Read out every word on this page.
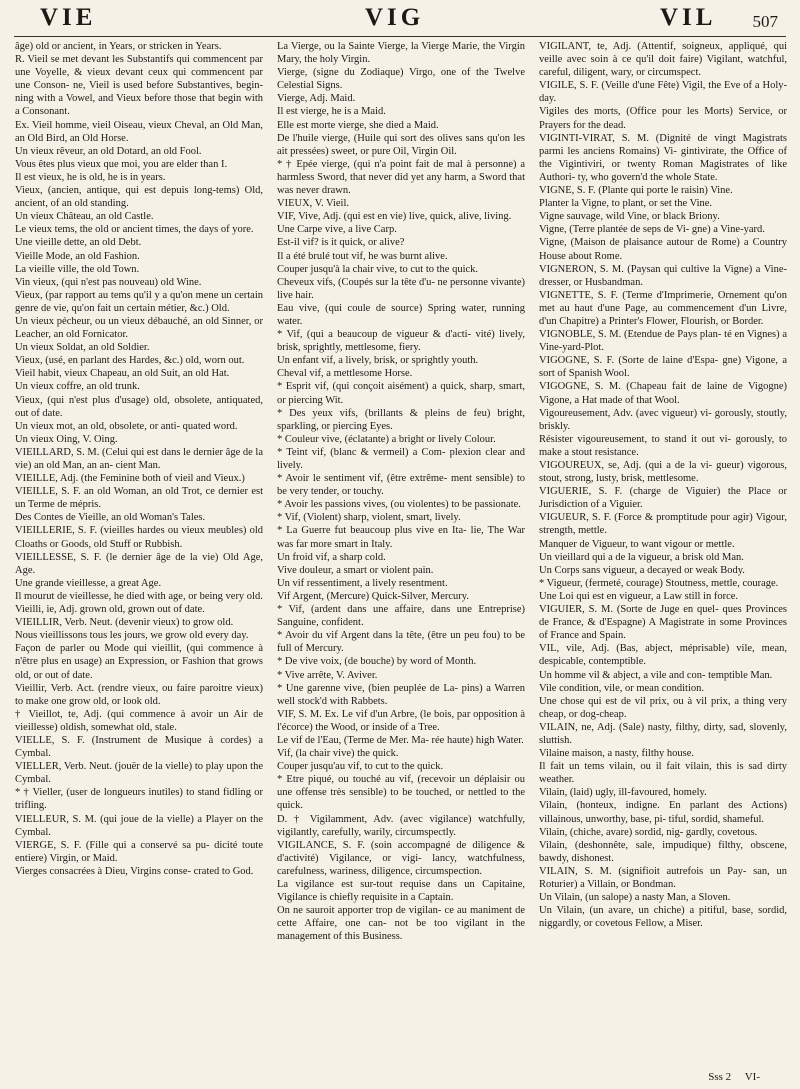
VIE	VIG	VIL 507

âge) old or ancient, in Years, or stricken in Years.

R. Vieil se met devant les Substantifs qui commencent par une Voyelle, & vieux devant ceux qui commencent par une Conson- ne, Vieil is used before Substantives, begin- ning with a Vowel, and Vieux before those that begin with a Consonant.

Ex. Vieil homme, vieil Oiseau, vieux Cheval, an Old Man, an Old Bird, an Old Horse.

Un vieux rêveur, an old Dotard, an old Fool.

Vous êtes plus vieux que moi, you are elder than I.

Il est vieux, he is old, he is in years.

Vieux, (ancien, antique, qui est depuis long-tems) Old, ancient, of an old standing.

Un vieux Château, an old Castle.

Le vieux tems, the old or ancient times, the days of yore.

Une vieille dette, an old Debt.

Vieille Mode, an old Fashion.

La vieille ville, the old Town.

Vin vieux, (qui n'est pas nouveau) old Wine.

Vieux, (par rapport au tems qu'il y a qu'on mene un certain genre de vie, qu'on fait un certain métier, &c.) Old.

Un vieux pécheur, ou un vieux débauché, an old Sinner, or Leacher, an old Fornicator.

Un vieux Soldat, an old Soldier.

Vieux, (usé, en parlant des Hardes, &c.) old, worn out.

Vieil habit, vieux Chapeau, an old Suit, an old Hat.

Un vieux coffre, an old trunk.

Vieux, (qui n'est plus d'usage) old, obsolete, antiquated, out of date.

Un vieux mot, an old, obsolete, or anti- quated word.

Un vieux Oing, V. Oing.

VIEILLARD, S. M. (Celui qui est dans le dernier âge de la vie) an old Man, an an- cient Man.

VIEILLE, Adj. (the Feminine both of vieil and Vieux.)

VIEILLE, S. F. an old Woman, an old Trot, ce dernier est un Terme de mépris.

Des Contes de Vieille, an old Woman's Tales.

VIEILLERIE, S. F. (vieilles hardes ou vieux meubles) old Cloaths or Goods, old Stuff or Rubbish.

VIEILLESSE, S. F. (le dernier âge de la vie) Old Age, Age.

Une grande vieillesse, a great Age.

Il mourut de vieillesse, he died with age, or being very old.

Vieilli, ie, Adj. grown old, grown out of date.

VIEILLIR, Verb. Neut. (devenir vieux) to grow old.

Nous vieillissons tous les jours, we grow old every day.

Façon de parler ou Mode qui vieillit, (qui commence à n'être plus en usage) an Expression, or Fashion that grows old, or out of date.

Vieillir, Verb. Act. (rendre vieux, ou faire paroitre vieux) to make one grow old, or look old.

† Vieillot, te, Adj. (qui commence à avoir un Air de vieillesse) oldish, somewhat old, stale.

VIELLE, S. F. (Instrument de Musique à cordes) a Cymbal.

VIELLER, Verb. Neut. (jouër de la vielle) to play upon the Cymbal.

* † Vieller, (user de longueurs inutiles) to stand fidling or trifling.

VIELLEUR, S. M. (qui joue de la vielle) a Player on the Cymbal.

VIERGE, S. F. (Fille qui a conservé sa pu- dicité toute entiere) Virgin, or Maid.

Vierges consacrées à Dieu, Virgins conse- crated to God.

La Vierge, ou la Sainte Vierge, la Vierge Marie, the Virgin Mary, the holy Virgin.

Vierge, (signe du Zodiaque) Virgo, one of the Twelve Celestial Signs.

Vierge, Adj. Maid.

Il est vierge, he is a Maid.

Elle est morte vierge, she died a Maid.

De l'huile vierge, (Huile qui sort des olives sans qu'on les ait pressées) sweet, or pure Oil, Virgin Oil.

* † Epée vierge, (qui n'a point fait de mal à personne) a harmless Sword, that never did yet any harm, a Sword that was never drawn.

VIEUX, V. Vieil.

VIF, Vive, Adj. (qui est en vie) live, quick, alive, living.

Une Carpe vive, a live Carp.

Est-il vif? is it quick, or alive?

Il a été brulé tout vif, he was burnt alive.

Couper jusqu'à la chair vive, to cut to the quick.

Cheveux vifs, (Coupés sur la tête d'u- ne personne vivante) live hair.

Eau vive, (qui coule de source) Spring water, running water.

* Vif, (qui a beaucoup de vigueur & d'acti- vité) lively, brisk, sprightly, mettlesome, fiery.

Un enfant vif, a lively, brisk, or sprightly youth.

Cheval vif, a mettlesome Horse.

* Esprit vif, (qui conçoit aisément) a quick, sharp, smart, or piercing Wit.

* Des yeux vifs, (brillants & pleins de feu) bright, sparkling, or piercing Eyes.

* Couleur vive, (éclatante) a bright or lively Colour.

* Teint vif, (blanc & vermeil) a Com- plexion clear and lively.

* Avoir le sentiment vif, (être extrême- ment sensible) to be very tender, or touchy.

* Avoir les passions vives, (ou violentes) to be passionate.

* Vif, (Violent) sharp, violent, smart, lively.

* La Guerre fut beaucoup plus vive en Ita- lie, The War was far more smart in Italy.

Un froid vif, a sharp cold.

Vive douleur, a smart or violent pain.

Un vif ressentiment, a lively resentment.

Vif Argent, (Mercure) Quick-Silver, Mercury.

* Vif, (ardent dans une affaire, dans une Entreprise) Sanguine, confident.

* Avoir du vif Argent dans la tête, (être un peu fou) to be full of Mercury.

* De vive voix, (de bouche) by word of Month.

* Vive arrête, V. Aviver.

* Une garenne vive, (bien peuplée de La- pins) a Warren well stock'd with Rabbets.

VIF, S. M. Ex. Le vif d'un Arbre, (le bois, par opposition à l'écorce) the Wood, or inside of a Tree.

Le vif de l'Eau, (Terme de Mer. Ma- rée haute) high Water.

Vif, (la chair vive) the quick.

Couper jusqu'au vif, to cut to the quick.

* Etre piqué, ou touché au vif, (recevoir un déplaisir ou une offense très sensible) to be touched, or nettled to the quick.

D. † Vigilamment, Adv. (avec vigilance) watchfully, vigilantly, carefully, warily, circumspectly.

VIGILANCE, S. F. (soin accompagné de diligence & d'activité) Vigilance, or vigi- lancy, watchfulness, carefulness, wariness, diligence, circumspection.

La vigilance est sur-tout requise dans un Capitaine, Vigilance is chiefly requisite in a Captain.

On ne sauroit apporter trop de vigilan- ce au maniment de cette Affaire, one can- not be too vigilant in the management of this Business.

VIGILANT, te, Adj. (Attentif, soigneux, appliqué, qui veille avec soin à ce qu'il doit faire) Vigilant, watchful, careful, diligent, wary, or circumspect.

VIGILE, S. F. (Veille d'une Fête) Vigil, the Eve of a Holy-day.

Vigiles des morts, (Office pour les Morts) Service, or Prayers for the dead.

VIGINTI-VIRAT, S. M. (Dignité de vingt Magistrats parmi les anciens Romains) Vi- gintivirate, the Office of the Vigintiviri, or twenty Roman Magistrates of like Authori- ty, who govern'd the whole State.

VIGNE, S. F. (Plante qui porte le raisin) Vine.

Planter la Vigne, to plant, or set the Vine.

Vigne sauvage, wild Vine, or black Briony.

Vigne, (Terre plantée de seps de Vi- gne) a Vine-yard.

Vigne, (Maison de plaisance autour de Rome) a Country House about Rome.

VIGNERON, S. M. (Paysan qui cultive la Vigne) a Vine-dresser, or Husbandman.

VIGNETTE, S. F. (Terme d'Imprimerie, Ornement qu'on met au haut d'une Page, au commencement d'un Livre, d'un Chapitre) a Printer's Flower, Flourish, or Border.

VIGNOBLE, S. M. (Etendue de Pays plan- té en Vignes) a Vine-yard-Plot.

VIGOGNE, S. F. (Sorte de laine d'Espa- gne) Vigone, a sort of Spanish Wool.

VIGOGNE, S. M. (Chapeau fait de laine de Vigogne) Vigone, a Hat made of that Wool.

Vigoureusement, Adv. (avec vigueur) vi- gorously, stoutly, briskly.

Résister vigoureusement, to stand it out vi- gorously, to make a stout resistance.

VIGOUREUX, se, Adj. (qui a de la vi- gueur) vigorous, stout, strong, lusty, brisk, mettlesome.

VIGUERIE, S. F. (charge de Viguier) the Place or Jurisdiction of a Viguier.

VIGUEUR, S. F. (Force & promptitude pour agir) Vigour, strength, mettle.

Manquer de Vigueur, to want vigour or mettle.

Un vieillard qui a de la vigueur, a brisk old Man.

Un Corps sans vigueur, a decayed or weak Body.

* Vigueur, (fermeté, courage) Stoutness, mettle, courage.

Une Loi qui est en vigueur, a Law still in force.

VIGUIER, S. M. (Sorte de Juge en quel- ques Provinces de France, & d'Espagne) A Magistrate in some Provinces of France and Spain.

VIL, vile, Adj. (Bas, abject, méprisable) vile, mean, despicable, contemptible.

Un homme vil & abject, a vile and con- temptible Man.

Vile condition, vile, or mean condition.

Une chose qui est de vil prix, ou à vil prix, a thing very cheap, or dog-cheap.

VILAIN, ne, Adj. (Sale) nasty, filthy, dirty, sad, slovenly, sluttish.

Vilaine maison, a nasty, filthy house.

Il fait un tems vilain, ou il fait vilain, this is sad dirty weather.

Vilain, (laid) ugly, ill-favoured, homely.

Vilain, (honteux, indigne. En parlant des Actions) villainous, unworthy, base, pi- tiful, sordid, shameful.

Vilain, (chiche, avare) sordid, nig- gardly, covetous.

Vilain, (deshonnête, sale, impudique) filthy, obscene, bawdy, dishonest.

VILAIN, S. M. (signifioit autrefois un Pay- san, un Roturier) a Villain, or Bondman.

Un Vilain, (un salope) a nasty Man, a Sloven.

Un Vilain, (un avare, un chiche) a pitiful, base, sordid, niggardly, or covetous Fellow, a Miser.

Sss 2 VI-
